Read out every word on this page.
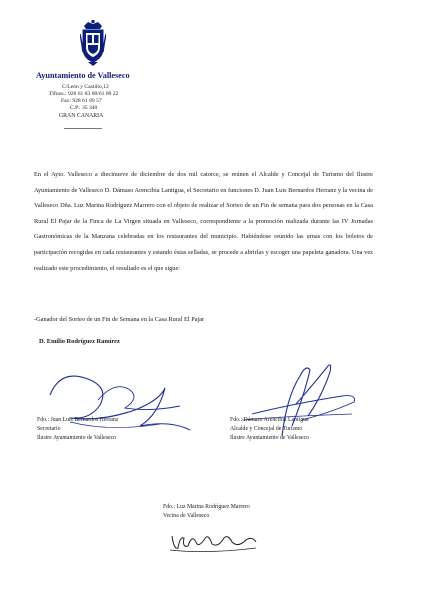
Ayuntamiento de Valleseco
C/León y Castillo,12
Tlfnos.: 928 61 83 00/61 80 22
Fax: 928 61 89 57
C.P.: 35 340
GRAN CANARIA

En el Ayto. Valleseco a diecinueve de diciembre de dos mil catorce, se reúnen el Alcalde y Concejal de Turismo del Ilustre Ayuntamiento de Valleseco D. Dámaso Arencibia Lantigua, el Secretario en funciones D. Juan Luis Bernardos Herranz y la vecina de Valleseco Dña. Luz Marina Rodríguez Marrero con el objeto de realizar el Sorteo de un Fin de semana para dos personas en la Casa Rural El Pajar de la Finca de La Virgen situada en Valleseco, correspondiente a la promoción realizada durante las IV Jornadas Gastronómicas de la Manzana celebradas en los restaurantes del municipio. Habiéndose reunido las urnas con los boletos de participación recogidas en cada restaurantes y estando éstas selladas, se procede a abrirlas y escoger una papeleta ganadora. Una vez realizado este procedimiento, el resultado es el que sigue:

-Ganador del Sorteo de un Fin de Semana en la Casa Rural El Pajar
D. Emilio Rodríguez Ramírez
Fdo.: Juan Luis Bernardos Herranz
Secretario
Ilustre Ayuntamiento de Valleseco
Fdo.: Dámaso Arencibia Lantigua
Alcalde y Concejal de Turismo
Ilustre Ayuntamiento de Valleseco
Fdo.: Luz Marina Rodríguez Marrero
Vecina de Valleseco
